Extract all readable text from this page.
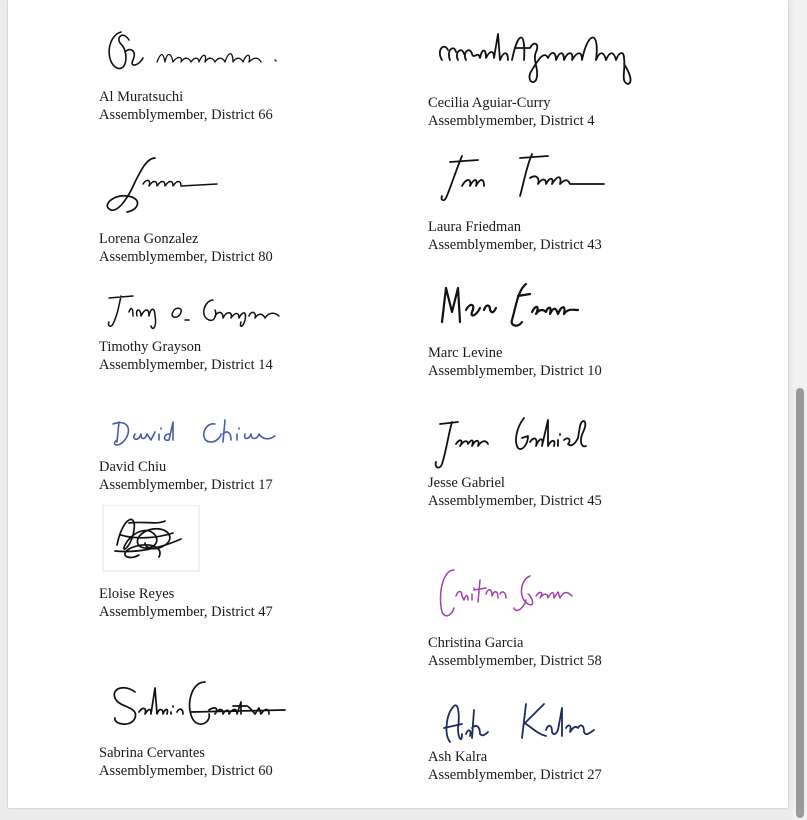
Al Muratsuchi
Assemblymember, District 66
Cecilia Aguiar-Curry
Assemblymember, District 4
Lorena Gonzalez
Assemblymember, District 80
Laura Friedman
Assemblymember, District 43
Timothy Grayson
Assemblymember, District 14
Marc Levine
Assemblymember, District 10
David Chiu
Assemblymember, District 17	Jesse Gabriel
Assemblymember, District 45
Eloise Reyes
Assemblymember, District 47
Christina Garcia
Assemblymember, District 58
Sabrina Cervantes
Assemblymember, District 60
Ash Kalra
Assemblymember, District 27
